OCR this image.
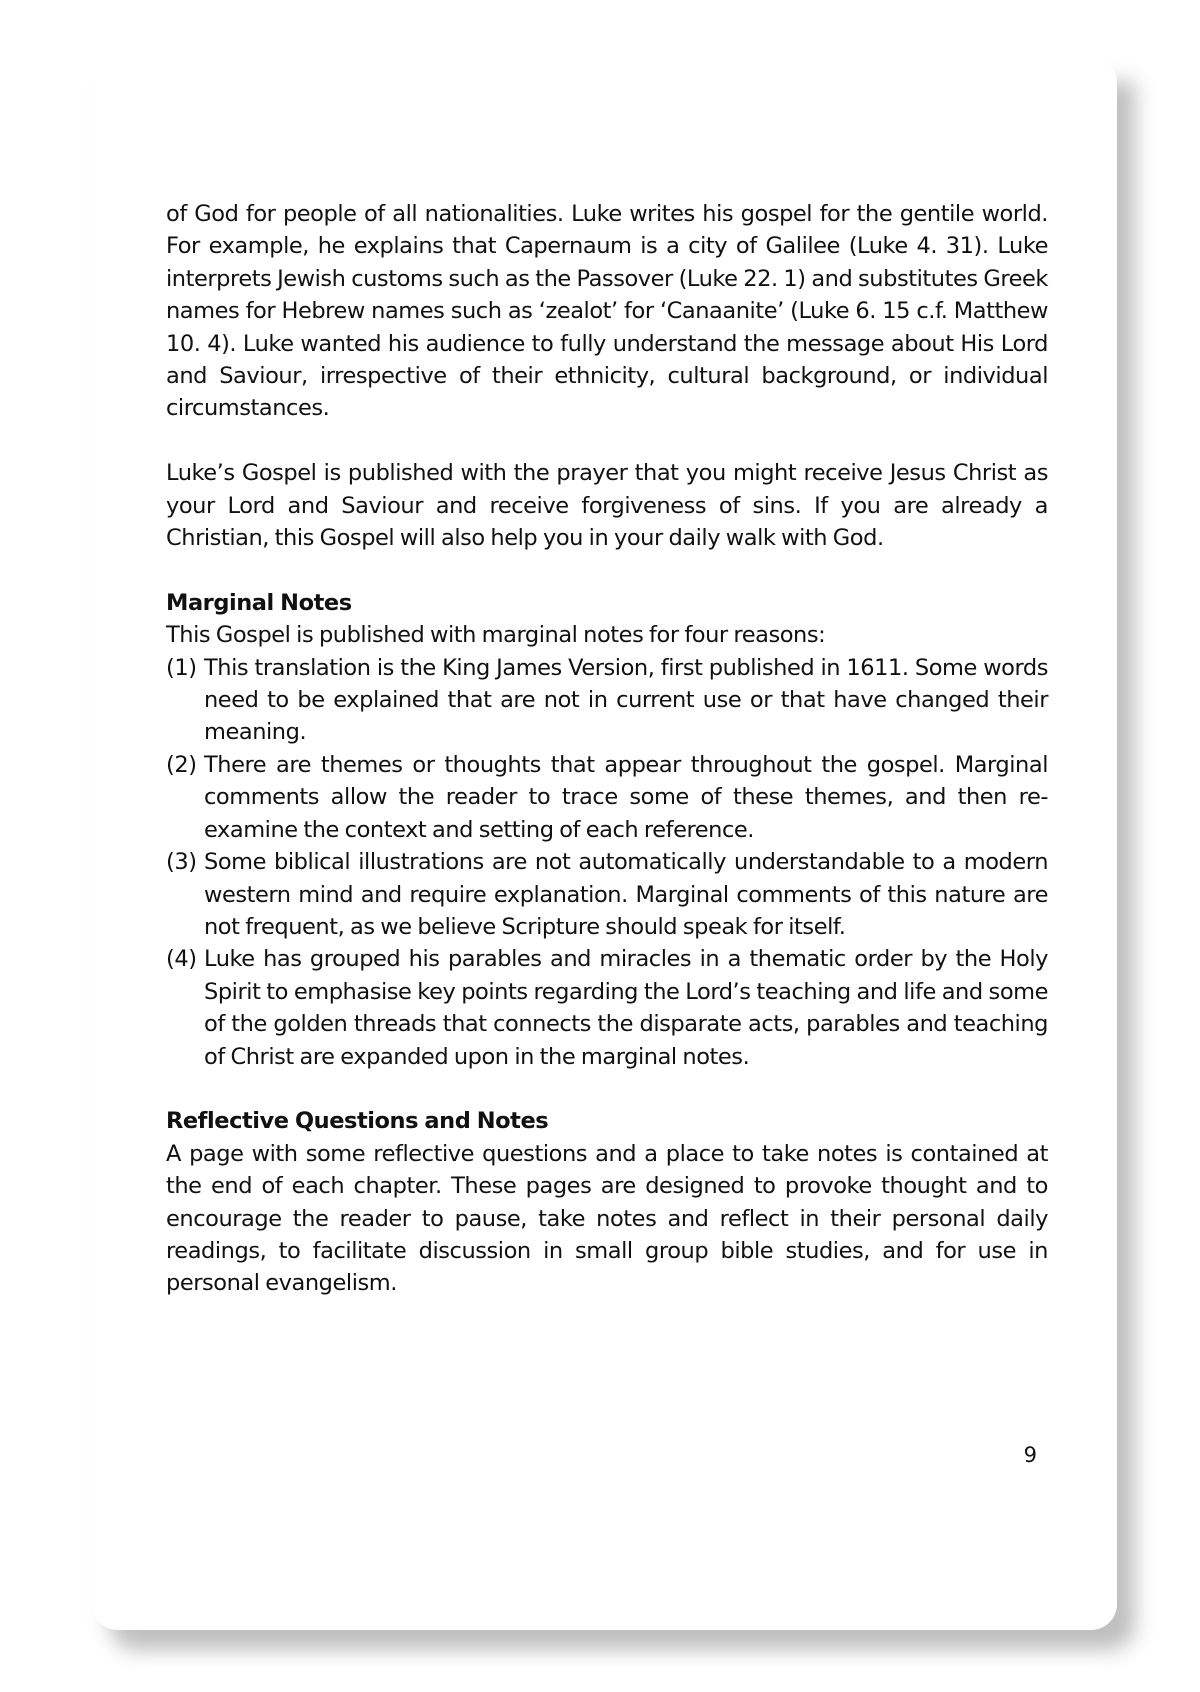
of God for people of all nationalities. Luke writes his gospel for the gentile world. For example, he explains that Capernaum is a city of Galilee (Luke 4. 31). Luke interprets Jewish customs such as the Passover (Luke 22. 1) and substitutes Greek names for Hebrew names such as ‘zealot’ for ‘Canaanite’ (Luke 6. 15 c.f. Matthew 10. 4). Luke wanted his audience to fully understand the message about His Lord and Saviour, irrespective of their ethnicity, cultural background, or individual circumstances.

Luke’s Gospel is published with the prayer that you might receive Jesus Christ as your Lord and Saviour and receive forgiveness of sins. If you are already a Christian, this Gospel will also help you in your daily walk with God.

Marginal Notes

This Gospel is published with marginal notes for four reasons:

(1) This translation is the King James Version, first published in 1611. Some words need to be explained that are not in current use or that have changed their meaning.
(2) There are themes or thoughts that appear throughout the gospel. Marginal comments allow the reader to trace some of these themes, and then re-examine the context and setting of each reference.
(3) Some biblical illustrations are not automatically understandable to a modern western mind and require explanation. Marginal comments of this nature are not frequent, as we believe Scripture should speak for itself.
(4) Luke has grouped his parables and miracles in a thematic order by the Holy Spirit to emphasise key points regarding the Lord’s teaching and life and some of the golden threads that connects the disparate acts, parables and teaching of Christ are expanded upon in the marginal notes.
Reflective Questions and Notes

A page with some reflective questions and a place to take notes is contained at the end of each chapter. These pages are designed to provoke thought and to encourage the reader to pause, take notes and reflect in their personal daily readings, to facilitate discussion in small group bible studies, and for use in personal evangelism.

9
